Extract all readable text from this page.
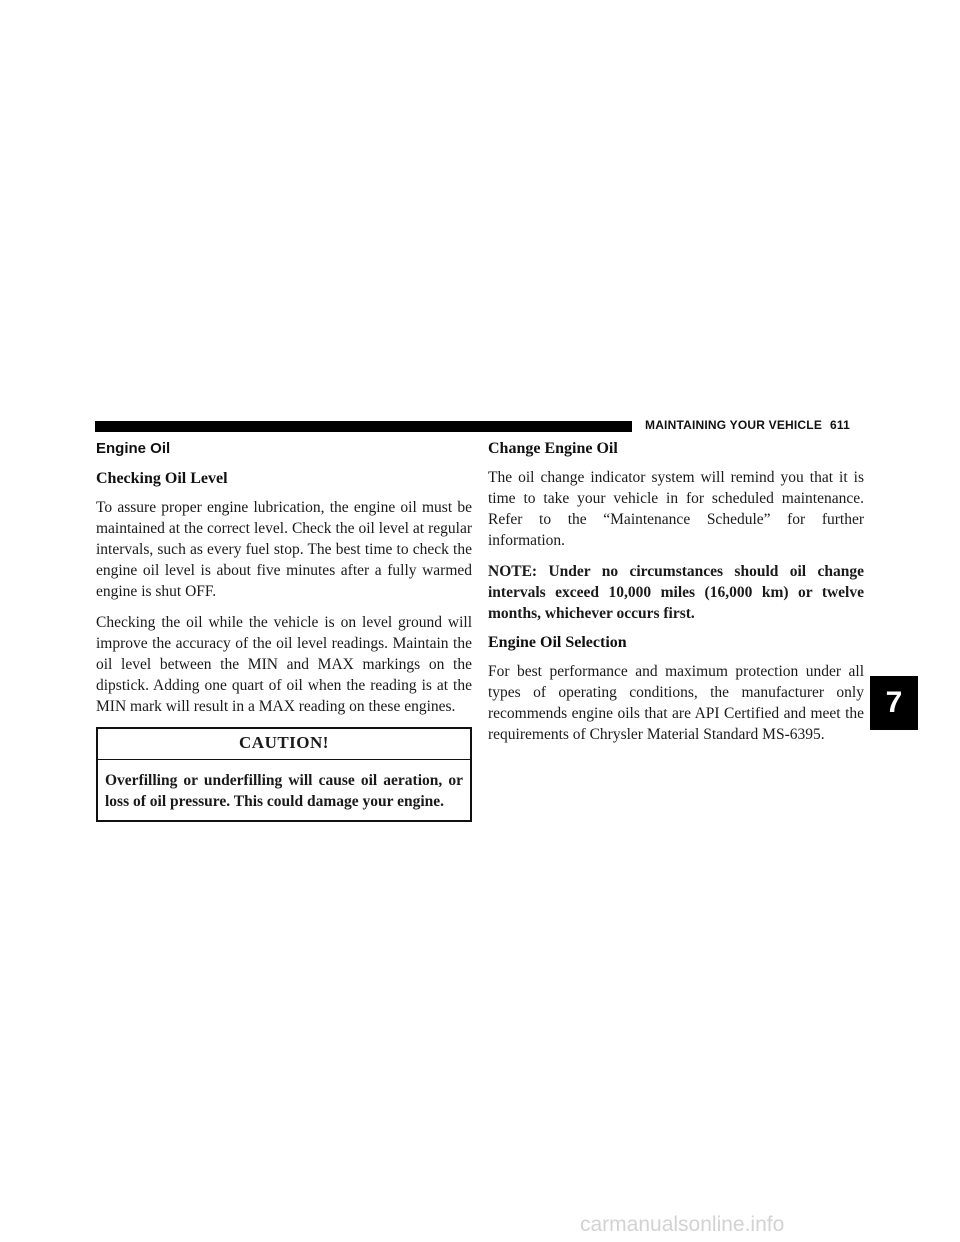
MAINTAINING YOUR VEHICLE 611
Engine Oil
Checking Oil Level

To assure proper engine lubrication, the engine oil must be maintained at the correct level. Check the oil level at regular intervals, such as every fuel stop. The best time to check the engine oil level is about five minutes after a fully warmed engine is shut OFF.

Checking the oil while the vehicle is on level ground will improve the accuracy of the oil level readings. Maintain the oil level between the MIN and MAX markings on the dipstick. Adding one quart of oil when the reading is at the MIN mark will result in a MAX reading on these engines.

CAUTION!
Overfilling or underfilling will cause oil aeration, or loss of oil pressure. This could damage your engine.
Change Engine Oil

The oil change indicator system will remind you that it is time to take your vehicle in for scheduled maintenance. Refer to the “Maintenance Schedule” for further information.

NOTE: Under no circumstances should oil change intervals exceed 10,000 miles (16,000 km) or twelve months, whichever occurs first.

Engine Oil Selection

For best performance and maximum protection under all types of operating conditions, the manufacturer only recommends engine oils that are API Certified and meet the requirements of Chrysler Material Standard MS-6395.

7
carmanualsonline.info
